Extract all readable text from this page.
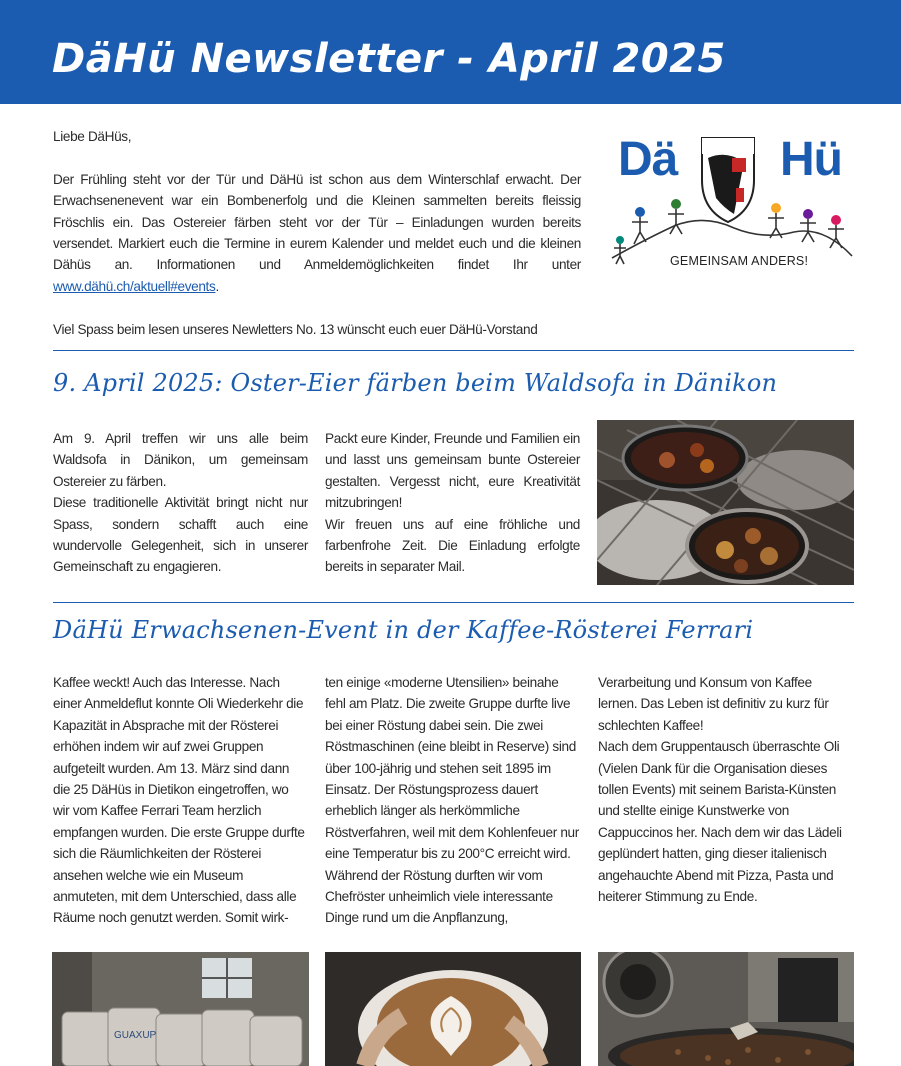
DäHü Newsletter - April 2025

Liebe DäHüs,

Der Frühling steht vor der Tür und DäHü ist schon aus dem Winterschlaf erwacht. Der Erwachsenenevent war ein Bombenerfolg und die Kleinen sammelten bereits fleissig Fröschlis ein. Das Ostereier färben steht vor der Tür – Einladungen wurden bereits versendet. Markiert euch die Termine in eurem Kalender und meldet euch und die kleinen Dähüs an. Informationen und Anmeldemöglichkeiten findet Ihr unter www.dähü.ch/aktuell#events.

Viel Spass beim lesen unseres Newletters No. 13 wünscht euch euer DäHü-Vorstand

Dä Hü
GEMEINSAM ANDERS!
9. April 2025: Oster-Eier färben beim Waldsofa in Dänikon
Am 9. April treffen wir uns alle beim Waldsofa in Dänikon, um gemeinsam Ostereier zu färben.
Diese traditionelle Aktivität bringt nicht nur Spass, sondern schafft auch eine wundervolle Gelegenheit, sich in unserer Gemeinschaft zu engagieren.
Packt eure Kinder, Freunde und Familien ein und lasst uns gemeinsam bunte Ostereier gestalten. Vergesst nicht, eure Kreativität mitzubringen!
Wir freuen uns auf eine fröhliche und farbenfrohe Zeit. Die Einladung erfolgte bereits in separater Mail.
DäHü Erwachsenen-Event in der Kaffee-Rösterei Ferrari
Kaffee weckt! Auch das Interesse. Nach einer Anmeldeflut konnte Oli Wiederkehr die Kapazität in Absprache mit der Rösterei erhöhen indem wir auf zwei Gruppen aufgeteilt wurden. Am 13. März sind dann die 25 DäHüs in Dietikon eingetroffen, wo wir vom Kaffee Ferrari Team herzlich empfangen wurden. Die erste Gruppe durfte sich die Räumlichkeiten der Rösterei ansehen welche wie ein Museum anmuteten, mit dem Unterschied, dass alle Räume noch genutzt werden. Somit wirk-
ten einige «moderne Utensilien» beinahe fehl am Platz. Die zweite Gruppe durfte live bei einer Röstung dabei sein. Die zwei Röstmaschinen (eine bleibt in Reserve) sind über 100-jährig und stehen seit 1895 im Einsatz. Der Röstungsprozess dauert erheblich länger als herkömmliche Röstverfahren, weil mit dem Kohlenfeuer nur eine Temperatur bis zu 200°C erreicht wird. Während der Röstung durften wir vom Chefröster unheimlich viele interessante Dinge rund um die Anpflanzung,
Verarbeitung und Konsum von Kaffee lernen. Das Leben ist definitiv zu kurz für schlechten Kaffee!
Nach dem Gruppentausch überraschte Oli (Vielen Dank für die Organisation dieses tollen Events) mit seinem Barista-Künsten und stellte einige Kunstwerke von Cappuccinos her. Nach dem wir das Lädeli geplündert hatten, ging dieser italienisch angehauchte Abend mit Pizza, Pasta und heiterer Stimmung zu Ende.
GUAXUP
